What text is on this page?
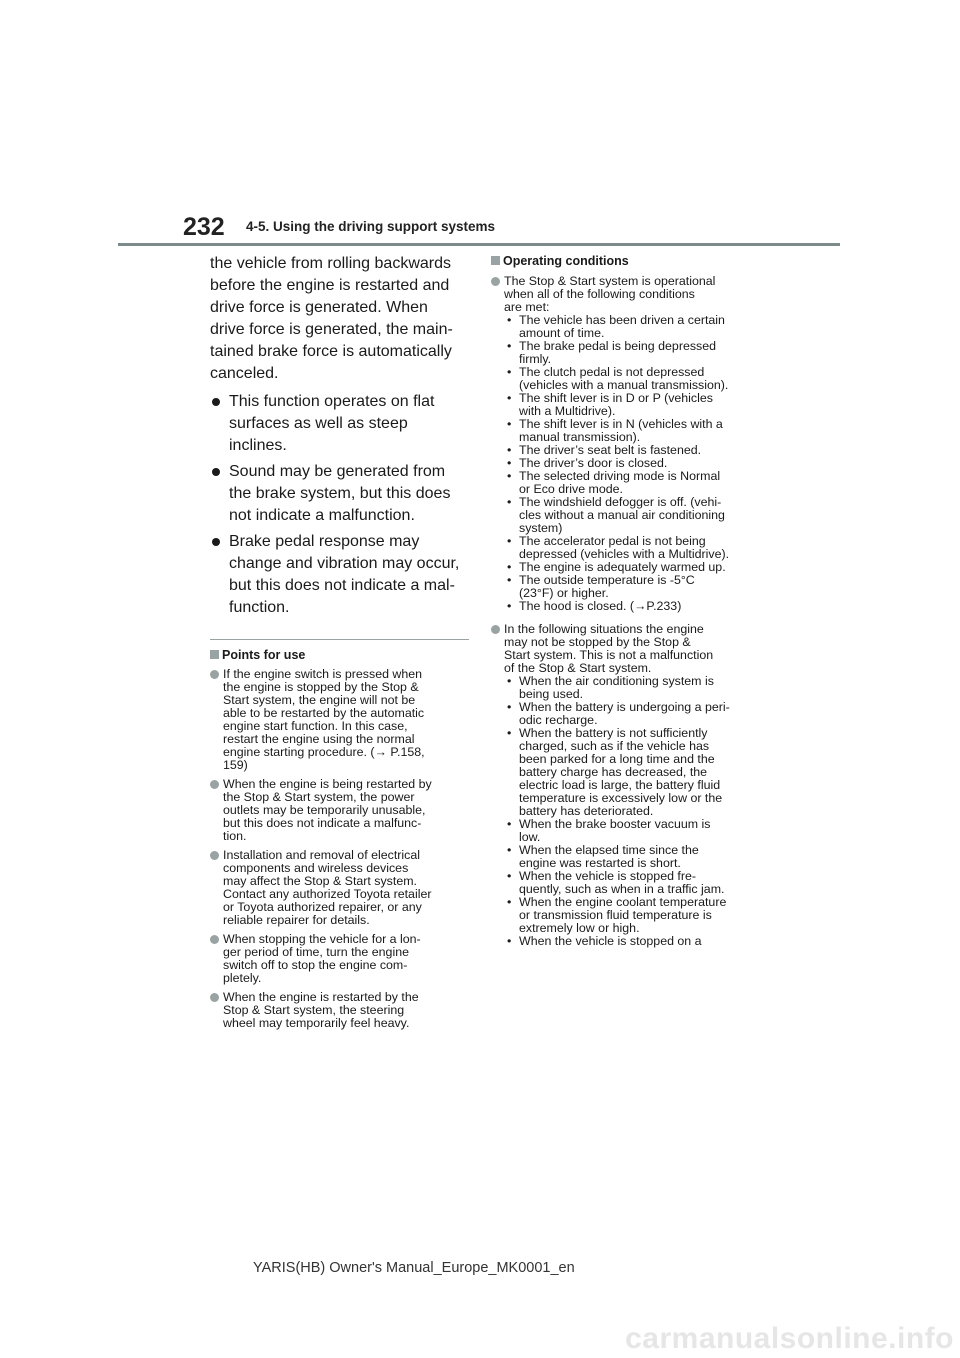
232 4-5. Using the driving support systems

the vehicle from rolling backwards
before the engine is restarted and
drive force is generated. When
drive force is generated, the main-
tained brake force is automatically
canceled.

This function operates on flat
surfaces as well as steep
inclines.
Sound may be generated from
the brake system, but this does
not indicate a malfunction.
Brake pedal response may
change and vibration may occur,
but this does not indicate a mal-
function.
Points for use
If the engine switch is pressed when
the engine is stopped by the Stop &
Start system, the engine will not be
able to be restarted by the automatic
engine start function. In this case,
restart the engine using the normal
engine starting procedure. (→ P.158,
159)
When the engine is being restarted by
the Stop & Start system, the power
outlets may be temporarily unusable,
but this does not indicate a malfunc-
tion.
Installation and removal of electrical
components and wireless devices
may affect the Stop & Start system.
Contact any authorized Toyota retailer
or Toyota authorized repairer, or any
reliable repairer for details.
When stopping the vehicle for a lon-
ger period of time, turn the engine
switch off to stop the engine com-
pletely.
When the engine is restarted by the
Stop & Start system, the steering
wheel may temporarily feel heavy.
Operating conditions
The Stop & Start system is operational
when all of the following conditions
are met:
• The vehicle has been driven a certain
amount of time.
• The brake pedal is being depressed
firmly.
• The clutch pedal is not depressed
(vehicles with a manual transmission).
• The shift lever is in D or P (vehicles
with a Multidrive).
• The shift lever is in N (vehicles with a
manual transmission).
• The driver’s seat belt is fastened.
• The driver’s door is closed.
• The selected driving mode is Normal
or Eco drive mode.
• The windshield defogger is off. (vehi-
cles without a manual air conditioning
system)
• The accelerator pedal is not being
depressed (vehicles with a Multidrive).
• The engine is adequately warmed up.
• The outside temperature is -5°C
(23°F) or higher.
• The hood is closed. (→P.233)
In the following situations the engine
may not be stopped by the Stop &
Start system. This is not a malfunction
of the Stop & Start system.
• When the air conditioning system is
being used.
• When the battery is undergoing a peri-
odic recharge.
• When the battery is not sufficiently
charged, such as if the vehicle has
been parked for a long time and the
battery charge has decreased, the
electric load is large, the battery fluid
temperature is excessively low or the
battery has deteriorated.
• When the brake booster vacuum is
low.
• When the elapsed time since the
engine was restarted is short.
• When the vehicle is stopped fre-
quently, such as when in a traffic jam.
• When the engine coolant temperature
or transmission fluid temperature is
extremely low or high.
• When the vehicle is stopped on a
YARIS(HB) Owner's Manual_Europe_MK0001_en
carmanualsonline.info
